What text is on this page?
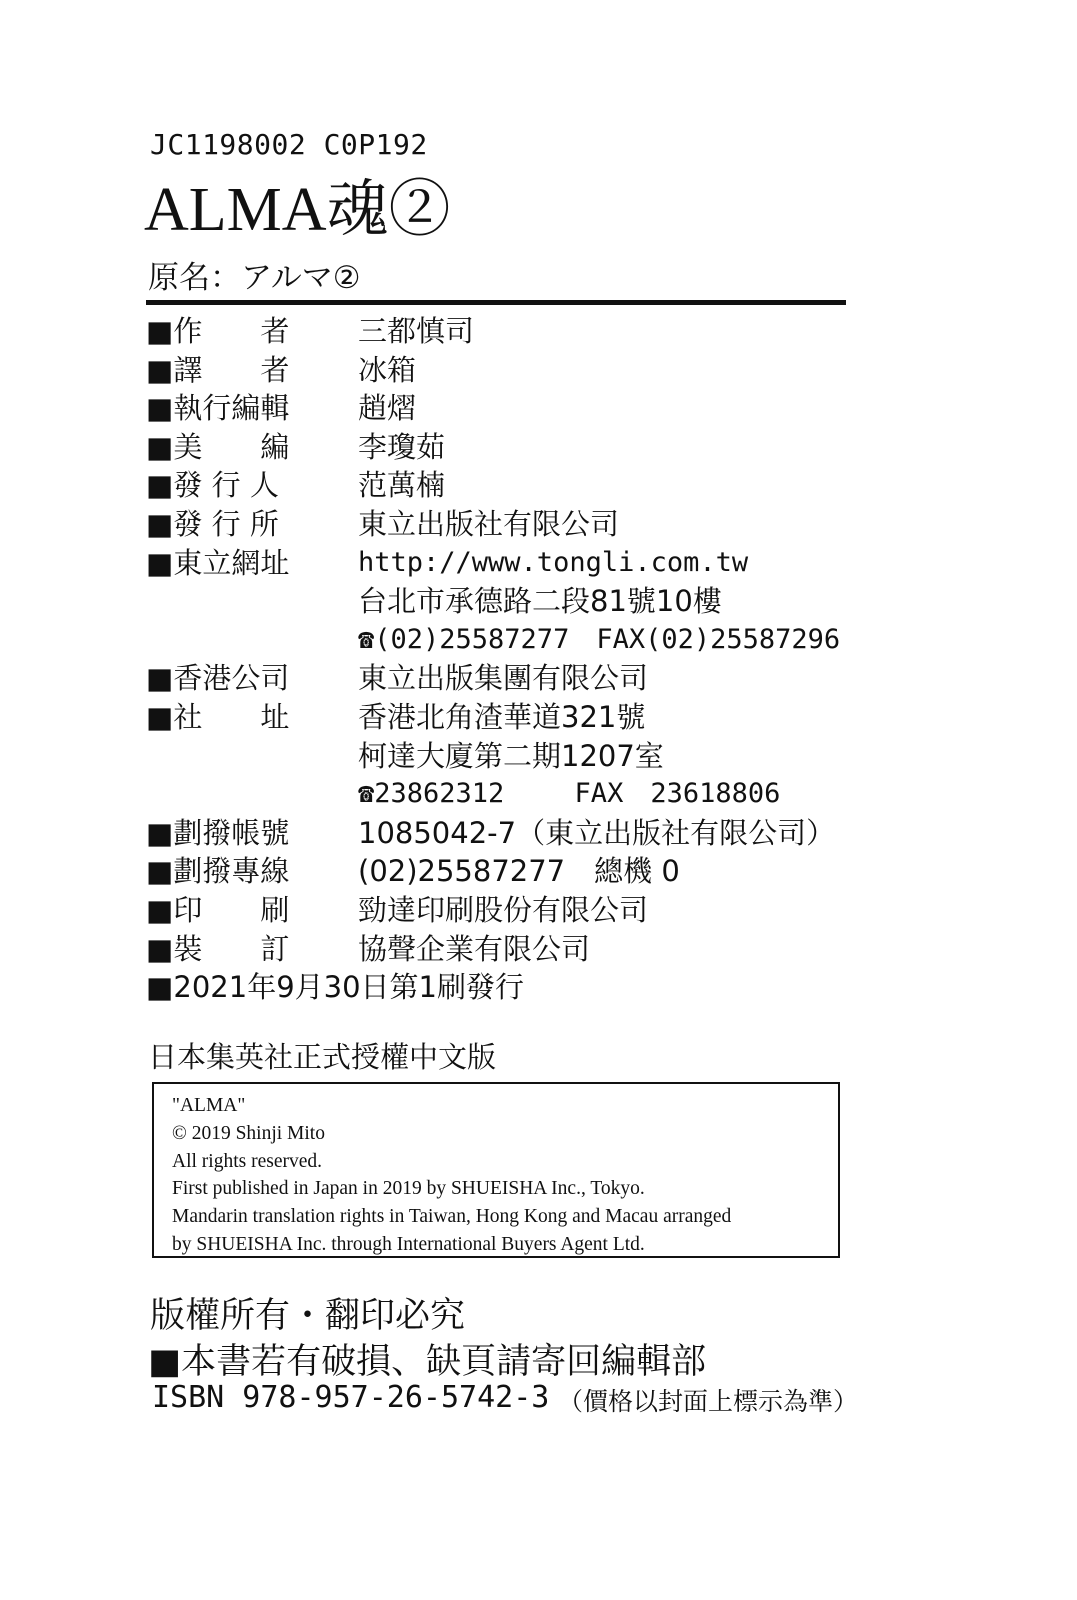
JC1198002 C0P192
ALMA魂②
原名：アルマ②
■作　　者	三都慎司
■譯　　者	冰箱
■執行編輯	趙熠
■美　　編	李瓊茹
■發 行 人	范萬楠
■發 行 所	東立出版社有限公司
■東立網址	http://www.tongli.com.tw
台北市承德路二段81號10樓
☎(02)25587277　FAX(02)25587296
■香港公司	東立出版集團有限公司
■社　　址	香港北角渣華道321號
柯達大廈第二期1207室
☎23862312　　 FAX　23618806
■劃撥帳號	1085042-7（東立出版社有限公司）
■劃撥專線	(02)25587277　總機 0
■印　　刷	勁達印刷股份有限公司
■裝　　訂	協聲企業有限公司
■2021年9月30日第1刷發行
日本集英社正式授權中文版
"ALMA"
© 2019 Shinji Mito
All rights reserved.
First published in Japan in 2019 by SHUEISHA Inc., Tokyo.
Mandarin translation rights in Taiwan, Hong Kong and Macau arranged
by SHUEISHA Inc. through International Buyers Agent Ltd.
版權所有・翻印必究
■本書若有破損、缺頁請寄回編輯部
ISBN 978-957-26-5742-3 （價格以封面上標示為準）
